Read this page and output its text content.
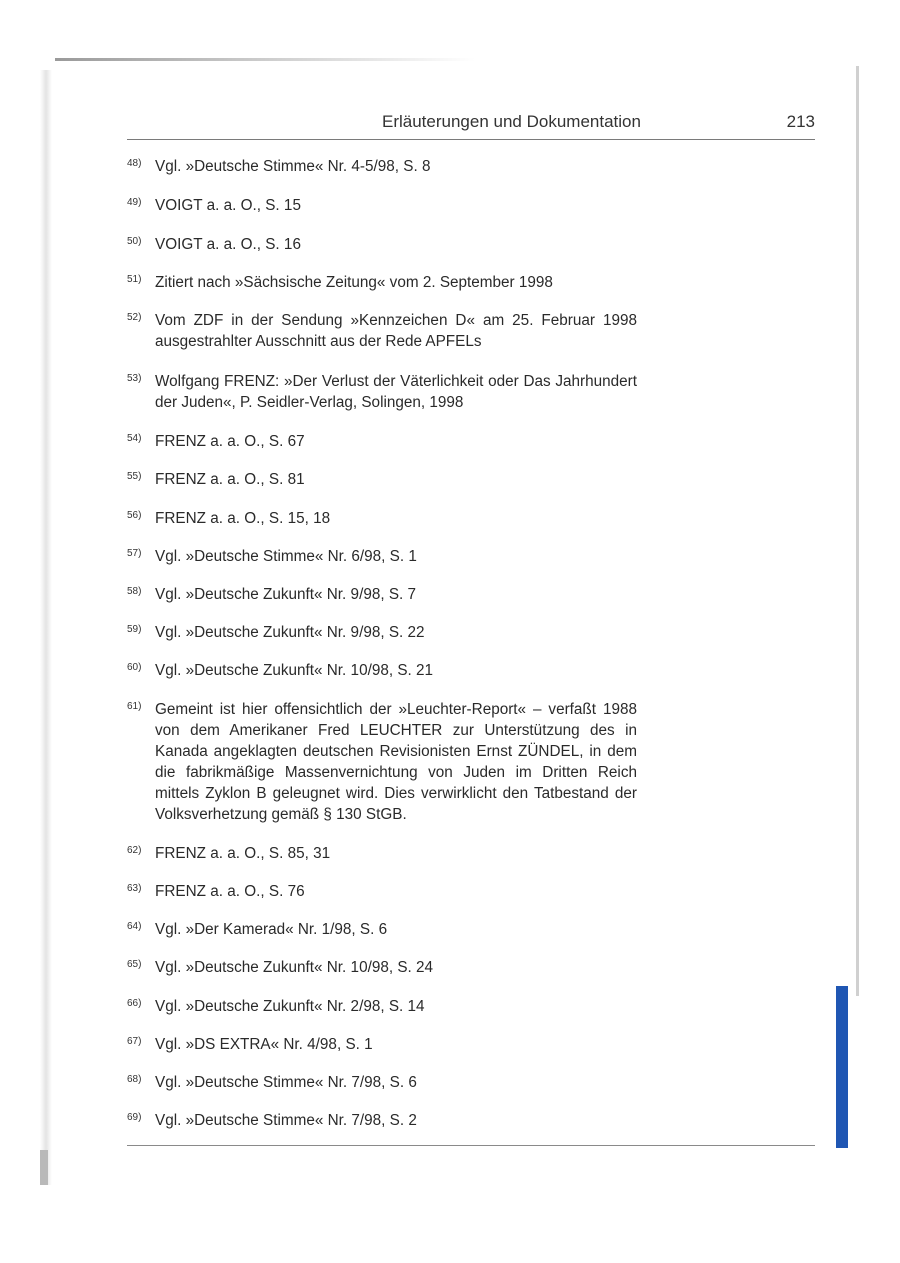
Erläuterungen und Dokumentation	213
48) Vgl. »Deutsche Stimme« Nr. 4-5/98, S. 8
49) VOIGT a. a. O., S. 15
50) VOIGT a. a. O., S. 16
51) Zitiert nach »Sächsische Zeitung« vom 2. September 1998
52) Vom ZDF in der Sendung »Kennzeichen D« am 25. Februar 1998 ausgestrahlter Ausschnitt aus der Rede APFELs
53) Wolfgang FRENZ: »Der Verlust der Väterlichkeit oder Das Jahrhundert der Juden«, P. Seidler-Verlag, Solingen, 1998
54) FRENZ a. a. O., S. 67
55) FRENZ a. a. O., S. 81
56) FRENZ a. a. O., S. 15, 18
57) Vgl. »Deutsche Stimme« Nr. 6/98, S. 1
58) Vgl. »Deutsche Zukunft« Nr. 9/98, S. 7
59) Vgl. »Deutsche Zukunft« Nr. 9/98, S. 22
60) Vgl. »Deutsche Zukunft« Nr. 10/98, S. 21
61) Gemeint ist hier offensichtlich der »Leuchter-Report« – verfaßt 1988 von dem Amerikaner Fred LEUCHTER zur Unterstützung des in Kanada angeklagten deutschen Revisionisten Ernst ZÜNDEL, in dem die fabrikmäßige Massenvernichtung von Juden im Dritten Reich mittels Zyklon B geleugnet wird. Dies verwirklicht den Tatbestand der Volksverhetzung gemäß § 130 StGB.
62) FRENZ a. a. O., S. 85, 31
63) FRENZ a. a. O., S. 76
64) Vgl. »Der Kamerad« Nr. 1/98, S. 6
65) Vgl. »Deutsche Zukunft« Nr. 10/98, S. 24
66) Vgl. »Deutsche Zukunft« Nr. 2/98, S. 14
67) Vgl. »DS EXTRA« Nr. 4/98, S. 1
68) Vgl. »Deutsche Stimme« Nr. 7/98, S. 6
69) Vgl. »Deutsche Stimme« Nr. 7/98, S. 2
